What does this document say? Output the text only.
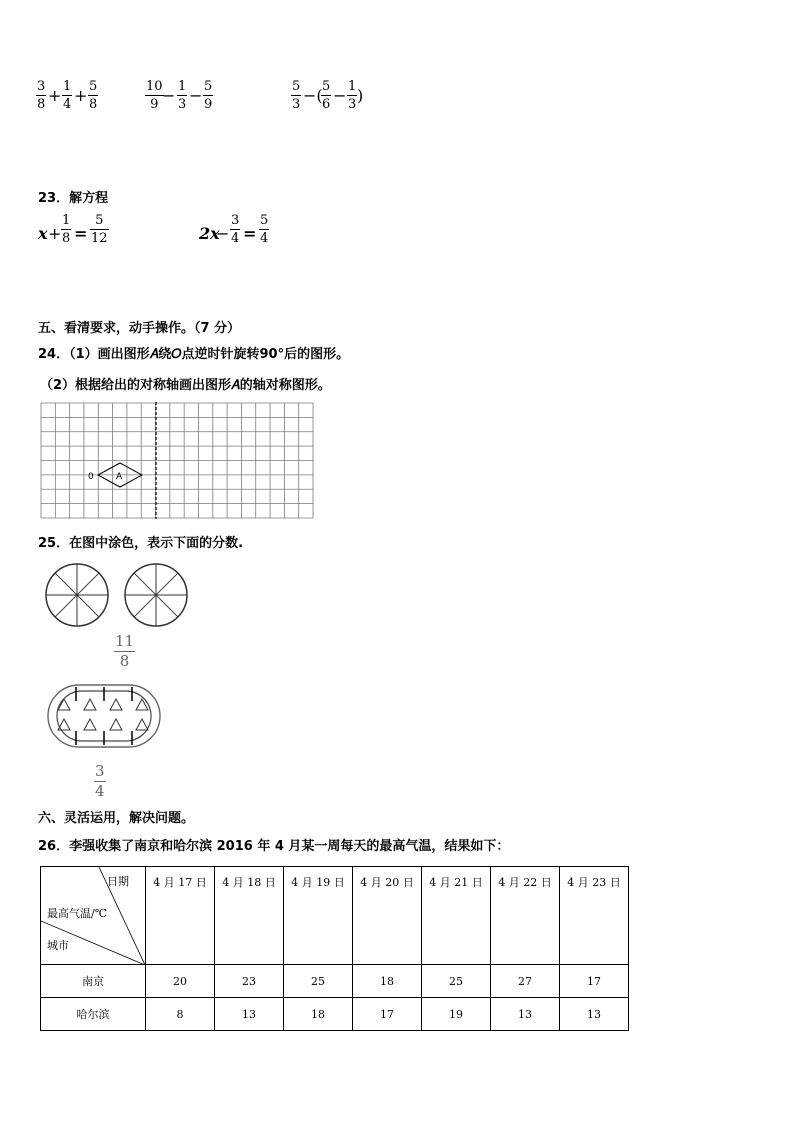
3
8 + 1
4 + 5
8
10
9 − 1
3 − 5
9
5
3 −( 5
6 − 1
3 )
23．解方程
x +
1
8 =
5
12	2x
−
3
4 =
5
4
五、看清要求，动手操作。（7 分）
24．（1）画出图形𝐴绕𝑂点逆时针旋转90°后的图形。
（2）根据给出的对称轴画出图形𝐴的轴对称图形。
0 A
25．在图中涂色，表示下面的分数.
11
8
3
4
六、灵活运用，解决问题。
26．李强收集了南京和哈尔滨 2016 年 4 月某一周每天的最高气温，结果如下：
日期
最高气温/℃
城市	4 月 17 日	4 月 18 日	4 月 19 日	4 月 20 日	4 月 21 日	4 月 22 日	4 月 23 日
南京	20	23	25	18	25	27	17
哈尔滨	8	13	18	17	19	13	13
